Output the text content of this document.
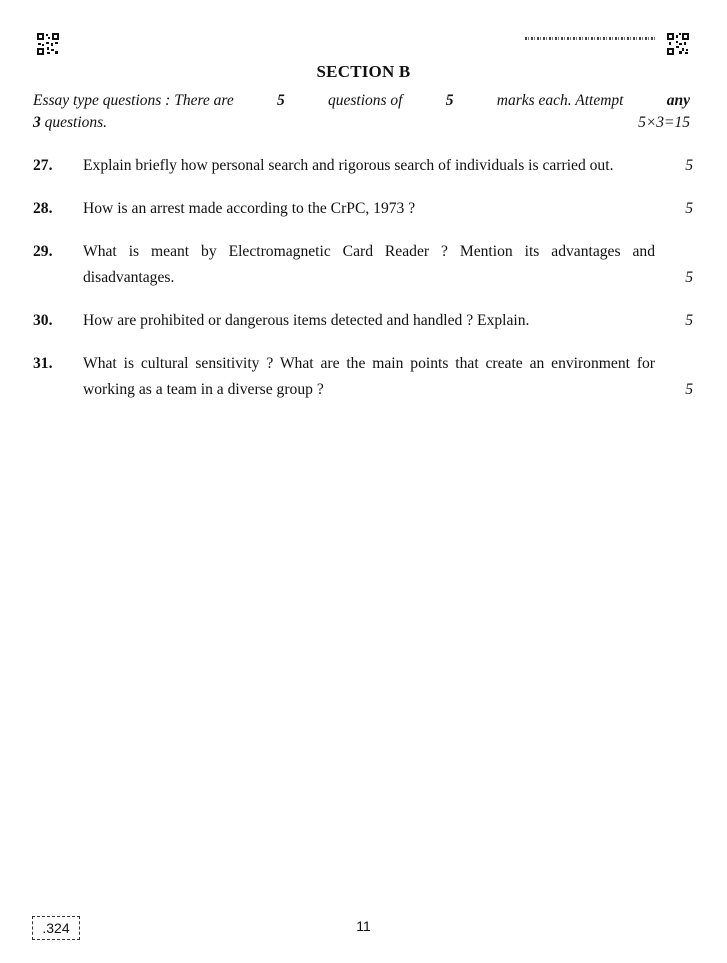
SECTION B
Essay type questions : There are	5	questions of	5	marks each. Attempt	any
3 questions.	5×3=15
27.	Explain briefly how personal search and rigorous search of individuals is carried out.	5
28.	How is an arrest made according to the CrPC, 1973 ?	5
29.	What is meant by Electromagnetic Card Reader ? Mention its advantages and disadvantages.	5
30.	How are prohibited or dangerous items detected and handled ? Explain.	5
31.	What is cultural sensitivity ? What are the main points that create an environment for working as a team in a diverse group ?	5
.324	11
